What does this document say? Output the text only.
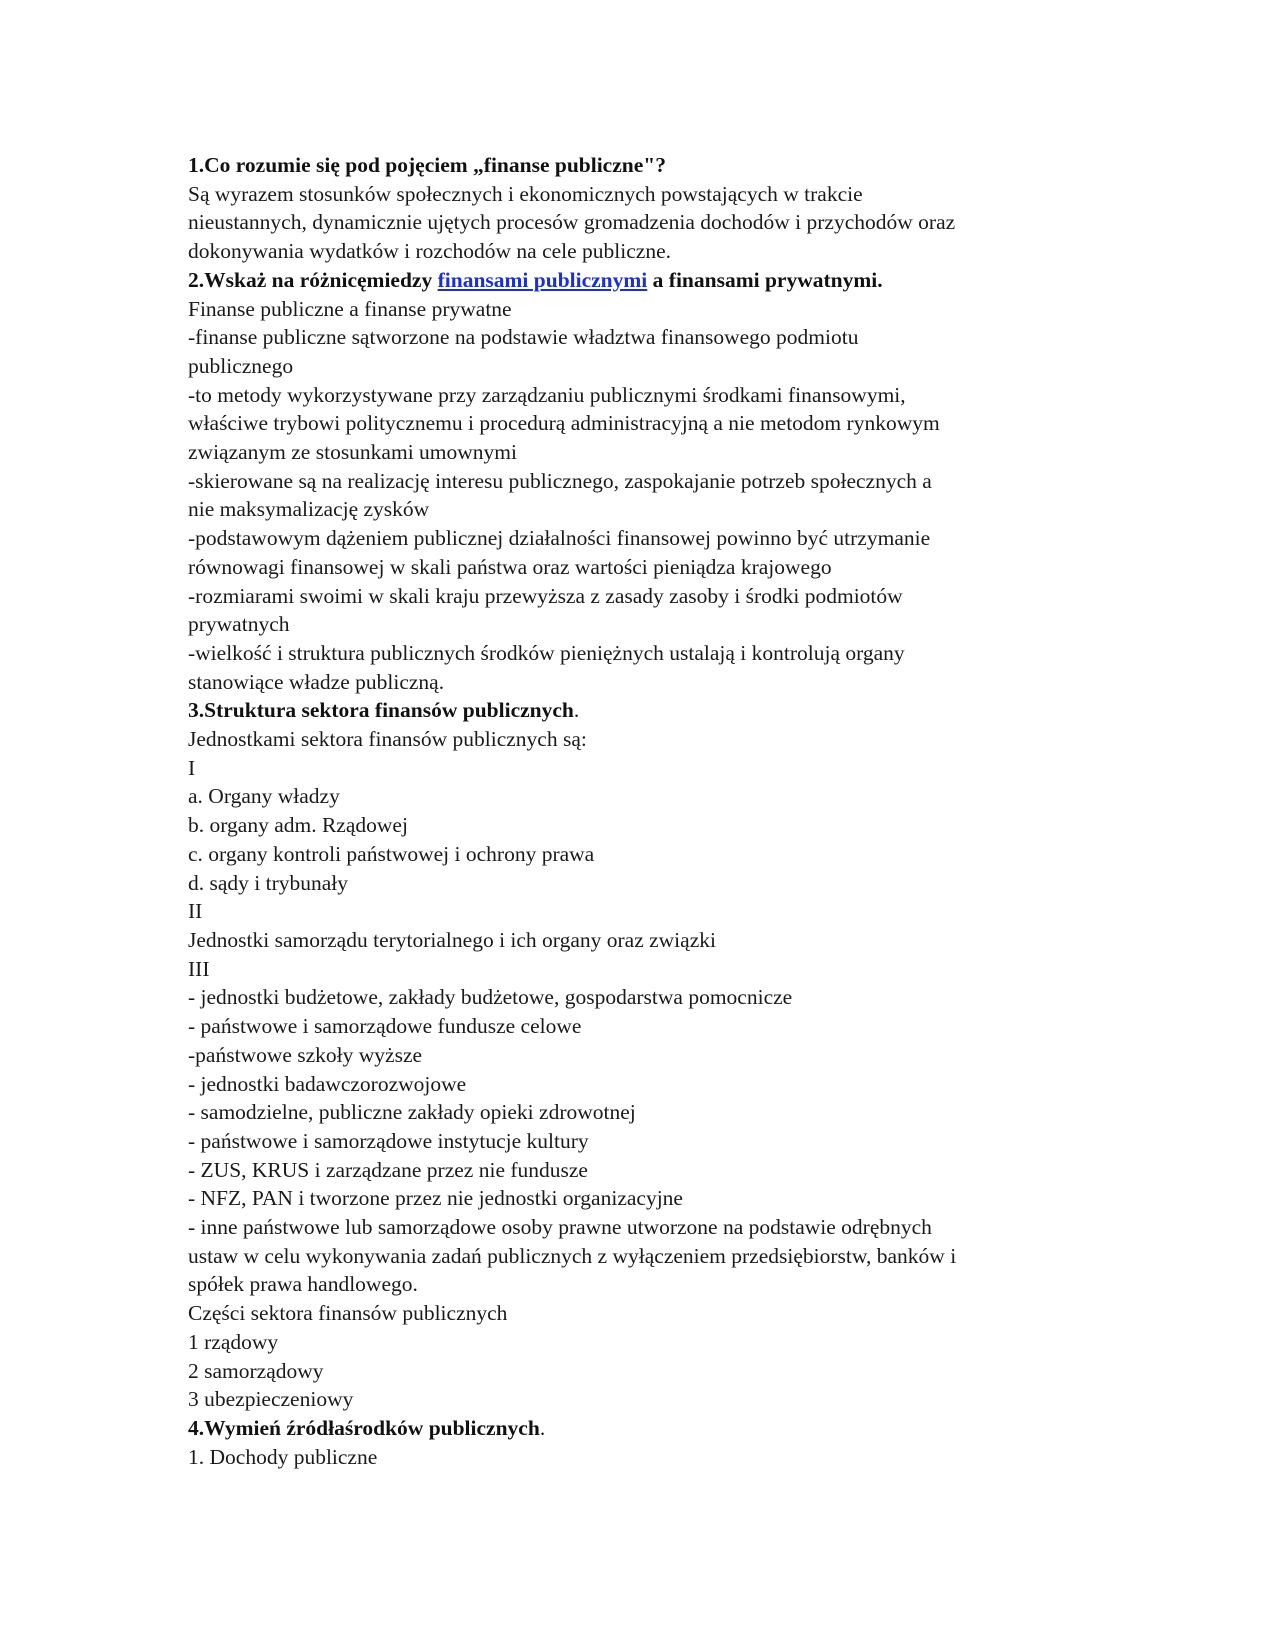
1.Co rozumie się pod pojęciem „finanse publiczne"?

Są wyrazem stosunków społecznych i ekonomicznych powstających w trakcie

nieustannych, dynamicznie ujętych procesów gromadzenia dochodów i przychodów oraz

dokonywania wydatków i rozchodów na cele publiczne.

2.Wskaż na różnicęmiedzy finansami publicznymi a finansami prywatnymi.

Finanse publiczne a finanse prywatne

-finanse publiczne sątworzone na podstawie władztwa finansowego podmiotu

publicznego

-to metody wykorzystywane przy zarządzaniu publicznymi środkami finansowymi,

właściwe trybowi politycznemu i procedurą administracyjną a nie metodom rynkowym

związanym ze stosunkami umownymi

-skierowane są na realizację interesu publicznego, zaspokajanie potrzeb społecznych a

nie maksymalizację zysków

-podstawowym dążeniem publicznej działalności finansowej powinno być utrzymanie

równowagi finansowej w skali państwa oraz wartości pieniądza krajowego

-rozmiarami swoimi w skali kraju przewyższa z zasady zasoby i środki podmiotów

prywatnych

-wielkość i struktura publicznych środków pieniężnych ustalają i kontrolują organy

stanowiące władze publiczną.

3.Struktura sektora finansów publicznych.

Jednostkami sektora finansów publicznych są:

I

a. Organy władzy

b. organy adm. Rządowej

c. organy kontroli państwowej i ochrony prawa

d. sądy i trybunały

II

Jednostki samorządu terytorialnego i ich organy oraz związki

III

- jednostki budżetowe, zakłady budżetowe, gospodarstwa pomocnicze

- państwowe i samorządowe fundusze celowe

-państwowe szkoły wyższe

- jednostki badawczorozwojowe

- samodzielne, publiczne zakłady opieki zdrowotnej

- państwowe i samorządowe instytucje kultury

- ZUS, KRUS i zarządzane przez nie fundusze

- NFZ, PAN i tworzone przez nie jednostki organizacyjne

- inne państwowe lub samorządowe osoby prawne utworzone na podstawie odrębnych

ustaw w celu wykonywania zadań publicznych z wyłączeniem przedsiębiorstw, banków i

spółek prawa handlowego.

Części sektora finansów publicznych

1 rządowy

2 samorządowy

3 ubezpieczeniowy

4.Wymień źródłaśrodków publicznych.

1. Dochody publiczne
